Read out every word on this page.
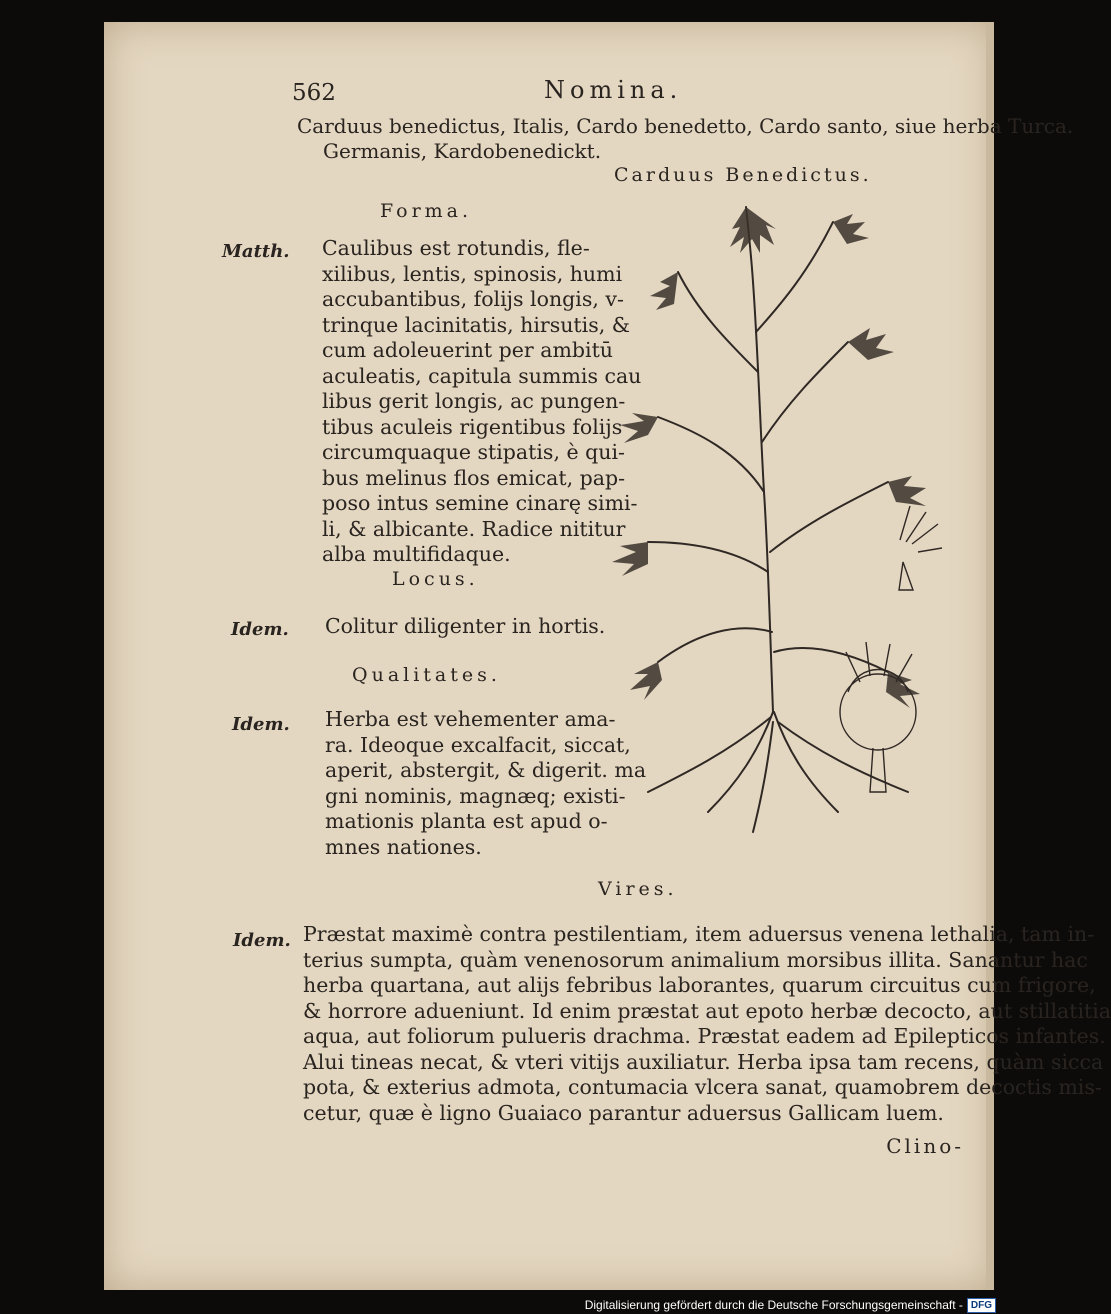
562	Nomina.
Carduus benedictus, Italis, Cardo benedetto, Cardo santo, siue herba Turca.
Germanis, Kardobenedickt.
Carduus Benedictus.
Forma.
Matth. Caulibus est rotundis, fle-
xilibus, lentis, spinosis, humi
accubantibus, folijs longis, v-
trinque lacinitatis, hirsutis, &
cum adoleuerint per ambitū
aculeatis, capitula summis cau
libus gerit longis, ac pungen-
tibus aculeis rigentibus folijs
circumquaque stipatis, è qui-
bus melinus flos emicat, pap-
poso intus semine cinarę simi-
li, & albicante. Radice nititur
alba multifidaque.
Locus.
Idem. Colitur diligenter in hortis.
Qualitates.
Idem. Herba est vehementer ama-
ra. Ideoque excalfacit, siccat,
aperit, abstergit, & digerit. ma
gni nominis, magnæq; existi-
mationis planta est apud o-
mnes nationes.
Vires.
Idem. Præstat maximè contra pestilentiam, item aduersus venena lethalia, tam in-
terius sumpta, quàm venenosorum animalium morsibus illita. Sanantur hac
herba quartana, aut alijs febribus laborantes, quarum circuitus cum frigore,
& horrore adueniunt. Id enim præstat aut epoto herbæ decocto, aut stillatitia
aqua, aut foliorum pulueris drachma. Præstat eadem ad Epilepticos infantes.
Alui tineas necat, & vteri vitijs auxiliatur. Herba ipsa tam recens, quàm sicca
pota, & exterius admota, contumacia vlcera sanat, quamobrem decoctis mis-
cetur, quæ è ligno Guaiaco parantur aduersus Gallicam luem.
Clino-
Digitalisierung gefördert durch die Deutsche Forschungsgemeinschaft - DFG
